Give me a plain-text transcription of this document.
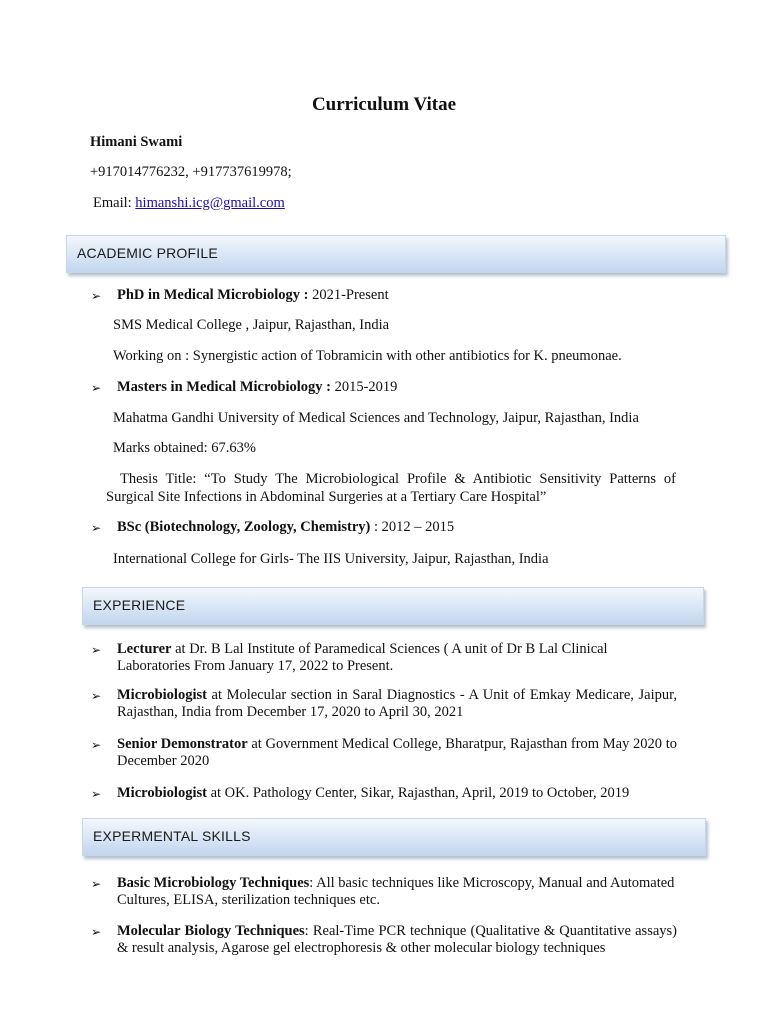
Curriculum Vitae
Himani Swami
+917014776232, +917737619978;
Email: himanshi.icg@gmail.com
ACADEMIC PROFILE
➢ PhD in Medical Microbiology : 2021-Present
SMS Medical College , Jaipur, Rajasthan, India
Working on : Synergistic action of Tobramicin with other antibiotics for K. pneumonae.
➢ Masters in Medical Microbiology : 2015-2019
Mahatma Gandhi University of Medical Sciences and Technology, Jaipur, Rajasthan, India
Marks obtained: 67.63%
Thesis Title: “To Study The Microbiological Profile & Antibiotic Sensitivity Patterns of
Surgical Site Infections in Abdominal Surgeries at a Tertiary Care Hospital”
➢ BSc (Biotechnology, Zoology, Chemistry) : 2012 – 2015
International College for Girls- The IIS University, Jaipur, Rajasthan, India
EXPERIENCE
➢ Lecturer at Dr. B Lal Institute of Paramedical Sciences ( A unit of Dr B Lal Clinical Laboratories From January 17, 2022 to Present.
➢ Microbiologist at Molecular section in Saral Diagnostics - A Unit of Emkay Medicare, Jaipur, Rajasthan, India from December 17, 2020 to April 30, 2021
➢ Senior Demonstrator at Government Medical College, Bharatpur, Rajasthan from May 2020 to December 2020
➢ Microbiologist at OK. Pathology Center, Sikar, Rajasthan, April, 2019 to October, 2019
EXPERMENTAL SKILLS
➢ Basic Microbiology Techniques: All basic techniques like Microscopy, Manual and Automated Cultures, ELISA, sterilization techniques etc.
➢ Molecular Biology Techniques: Real-Time PCR technique (Qualitative & Quantitative assays) & result analysis, Agarose gel electrophoresis & other molecular biology techniques
